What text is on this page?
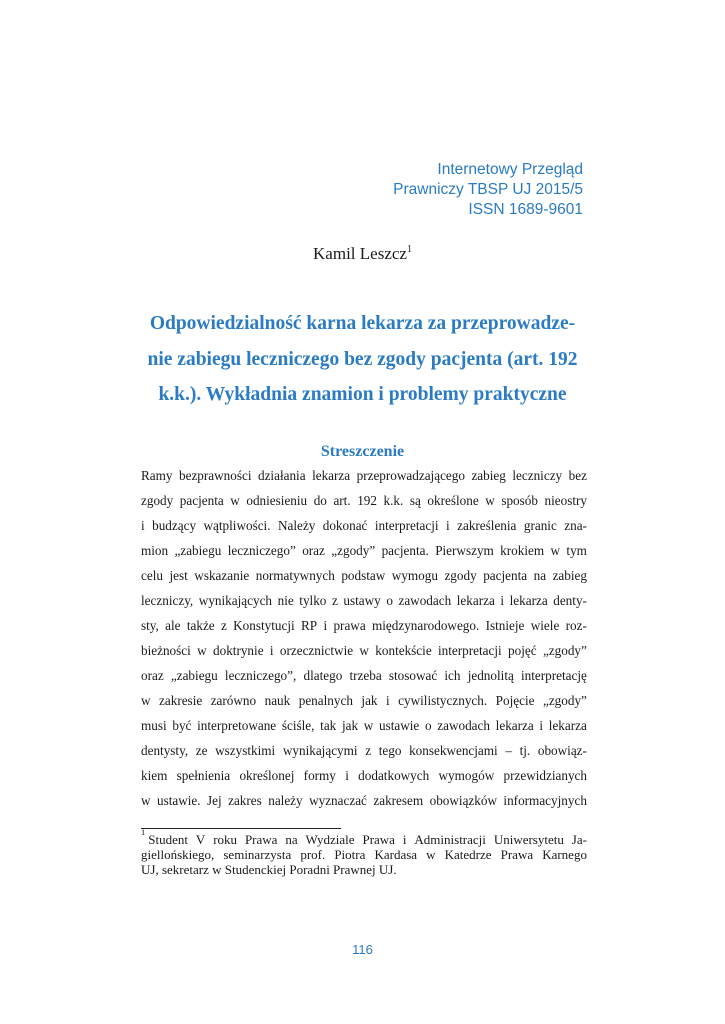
Internetowy Przegląd
Prawniczy TBSP UJ 2015/5
ISSN 1689-9601
Kamil Leszcz$^1$
Odpowiedzialność karna lekarza za przeprowadze-
nie zabiegu leczniczego bez zgody pacjenta (art. 192 k.k.). Wykładnia znamion i problemy praktyczne
Streszczenie
Ramy bezprawności działania lekarza przeprowadzającego zabieg leczniczy bez
zgody pacjenta w odniesieniu do art. 192 k.k. są określone w sposób nieostry
i budzący wątpliwości. Należy dokonać interpretacji i zakreślenia granic zna-
mion „zabiegu leczniczego” oraz „zgody” pacjenta. Pierwszym krokiem w tym
celu jest wskazanie normatywnych podstaw wymogu zgody pacjenta na zabieg
leczniczy, wynikających nie tylko z ustawy o zawodach lekarza i lekarza denty-
sty, ale także z Konstytucji RP i prawa międzynarodowego. Istnieje wiele roz-
bieżności w doktrynie i orzecznictwie w kontekście interpretacji pojęć „zgody”
oraz „zabiegu leczniczego”, dlatego trzeba stosować ich jednolitą interpretację
w zakresie zarówno nauk penalnych jak i cywilistycznych. Pojęcie „zgody”
musi być interpretowane ściśle, tak jak w ustawie o zawodach lekarza i lekarza
dentysty, ze wszystkimi wynikającymi z tego konsekwencjami – tj. obowiąz-
kiem spełnienia określonej formy i dodatkowych wymogów przewidzianych
w ustawie. Jej zakres należy wyznaczać zakresem obowiązków informacyjnych
1 Student V roku Prawa na Wydziale Prawa i Administracji Uniwersytetu Ja-
giellońskiego, seminarzysta prof. Piotra Kardasa w Katedrze Prawa Karnego
UJ, sekretarz w Studenckiej Poradni Prawnej UJ.
116
